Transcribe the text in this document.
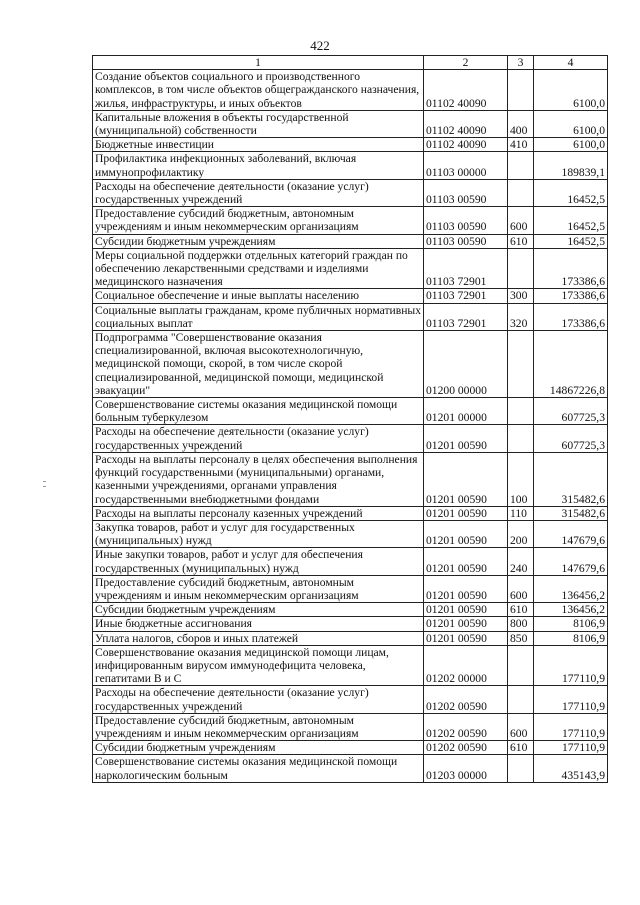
422
1	2	3	4
Создание объектов социального и производственного комплексов, в том числе объектов общегражданского назначения, жилья, инфраструктуры, и иных объектов	01102 40090		6100,0
Капитальные вложения в объекты государственной (муниципальной) собственности	01102 40090	400	6100,0
Бюджетные инвестиции	01102 40090	410	6100,0
Профилактика инфекционных заболеваний, включая иммунопрофилактику	01103 00000		189839,1
Расходы на обеспечение деятельности (оказание услуг) государственных учреждений	01103 00590		16452,5
Предоставление субсидий бюджетным, автономным учреждениям и иным некоммерческим организациям	01103 00590	600	16452,5
Субсидии бюджетным учреждениям	01103 00590	610	16452,5
Меры социальной поддержки отдельных категорий граждан по обеспечению лекарственными средствами и изделиями медицинского назначения	01103 72901		173386,6
Социальное обеспечение и иные выплаты населению	01103 72901	300	173386,6
Социальные выплаты гражданам, кроме публичных нормативных социальных выплат	01103 72901	320	173386,6
Подпрограмма "Совершенствование оказания специализированной, включая высокотехнологичную, медицинской помощи, скорой, в том числе скорой специализированной, медицинской помощи, медицинской эвакуации"	01200 00000		14867226,8
Совершенствование системы оказания медицинской помощи больным туберкулезом	01201 00000		607725,3
Расходы на обеспечение деятельности (оказание услуг) государственных учреждений	01201 00590		607725,3
Расходы на выплаты персоналу в целях обеспечения выполнения функций государственными (муниципальными) органами, казенными учреждениями, органами управления государственными внебюджетными фондами	01201 00590	100	315482,6
Расходы на выплаты персоналу казенных учреждений	01201 00590	110	315482,6
Закупка товаров, работ и услуг для государственных (муниципальных) нужд	01201 00590	200	147679,6
Иные закупки товаров, работ и услуг для обеспечения государственных (муниципальных) нужд	01201 00590	240	147679,6
Предоставление субсидий бюджетным, автономным учреждениям и иным некоммерческим организациям	01201 00590	600	136456,2
Субсидии бюджетным учреждениям	01201 00590	610	136456,2
Иные бюджетные ассигнования	01201 00590	800	8106,9
Уплата налогов, сборов и иных платежей	01201 00590	850	8106,9
Совершенствование оказания медицинской помощи лицам, инфицированным вирусом иммунодефицита человека, гепатитами B и C	01202 00000		177110,9
Расходы на обеспечение деятельности (оказание услуг) государственных учреждений	01202 00590		177110,9
Предоставление субсидий бюджетным, автономным учреждениям и иным некоммерческим организациям	01202 00590	600	177110,9
Субсидии бюджетным учреждениям	01202 00590	610	177110,9
Совершенствование системы оказания медицинской помощи наркологическим больным	01203 00000		435143,9
